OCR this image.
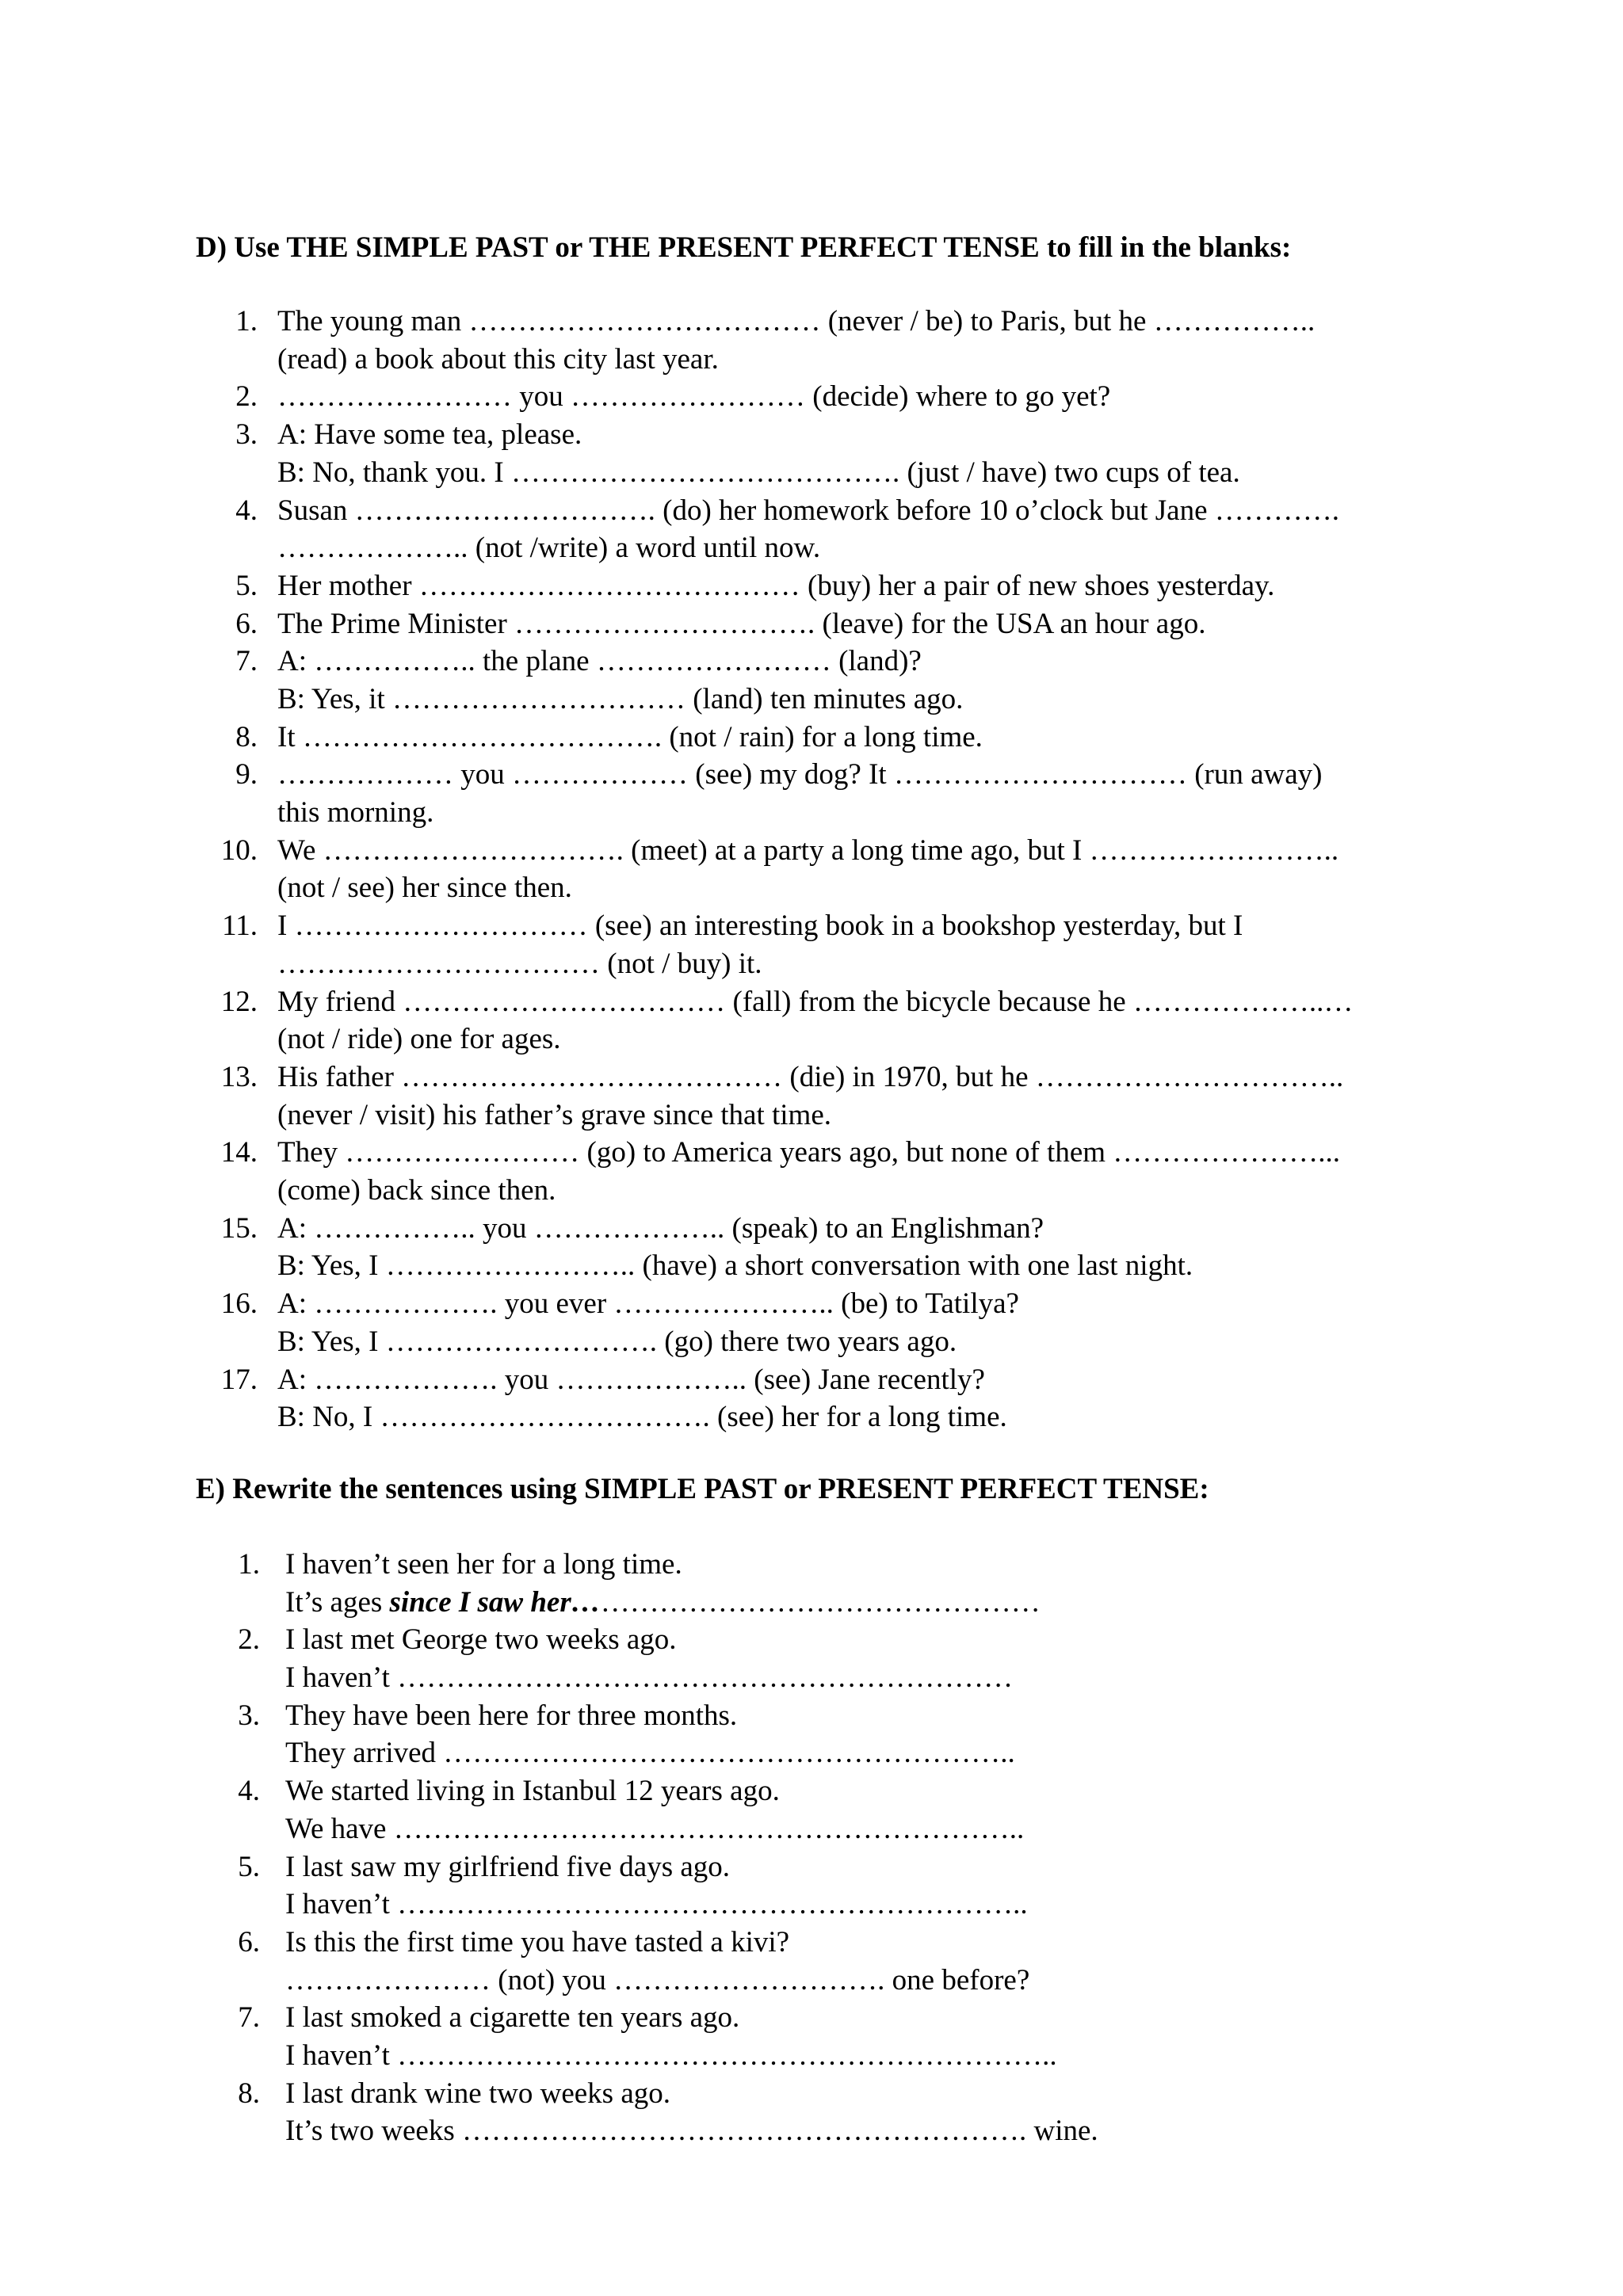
D) Use THE SIMPLE PAST or THE PRESENT PERFECT TENSE to fill in the blanks:
1. The young man ……………………………… (never / be) to Paris, but he ……………..
(read) a book about this city last year.
2. …………………… you …………………… (decide) where to go yet?
3. A: Have some tea, please.
B: No, thank you. I …………………………………. (just / have) two cups of tea.
4. Susan …………………………. (do) her homework before 10 o’clock but Jane ………….
……………….. (not /write) a word until now.
5. Her mother ………………………………… (buy) her a pair of new shoes yesterday.
6. The Prime Minister …………………………. (leave) for the USA an hour ago.
7. A: …………….. the plane …………………… (land)?
B: Yes, it ………………………… (land) ten minutes ago.
8. It ………………………………. (not / rain) for a long time.
9. ……………… you ……………… (see) my dog? It ………………………… (run away)
this morning.
10. We …………………………. (meet) at a party a long time ago, but I ……………………..
(not / see) her since then.
11. I ………………………… (see) an interesting book in a bookshop yesterday, but I
…………………………… (not / buy) it.
12. My friend …………………………… (fall) from the bicycle because he ………………..…
(not / ride) one for ages.
13. His father ………………………………… (die) in 1970, but he …………………………..
(never / visit) his father’s grave since that time.
14. They …………………… (go) to America years ago, but none of them …………………...
(come) back since then.
15. A: …………….. you ……………….. (speak) to an Englishman?
B: Yes, I …………………….. (have) a short conversation with one last night.
16. A: ………………. you ever ………………….. (be) to Tatilya?
B: Yes, I ………………………. (go) there two years ago.
17. A: ………………. you ……………….. (see) Jane recently?
B: No, I ……………………………. (see) her for a long time.
E) Rewrite the sentences using SIMPLE PAST or PRESENT PERFECT TENSE:
1. I haven’t seen her for a long time.
It’s ages since I saw her…………………………………………
2. I last met George two weeks ago.
I haven’t ………………………………………………………
3. They have been here for three months.
They arrived …………………………………………………..
4. We started living in Istanbul 12 years ago.
We have ………………………………………………………..
5. I last saw my girlfriend five days ago.
I haven’t ………………………………………………………..
6. Is this the first time you have tasted a kivi?
………………… (not) you ………………………. one before?
7. I last smoked a cigarette ten years ago.
I haven’t …………………………………………………………..
8. I last drank wine two weeks ago.
It’s two weeks …………………………………………………. wine.
